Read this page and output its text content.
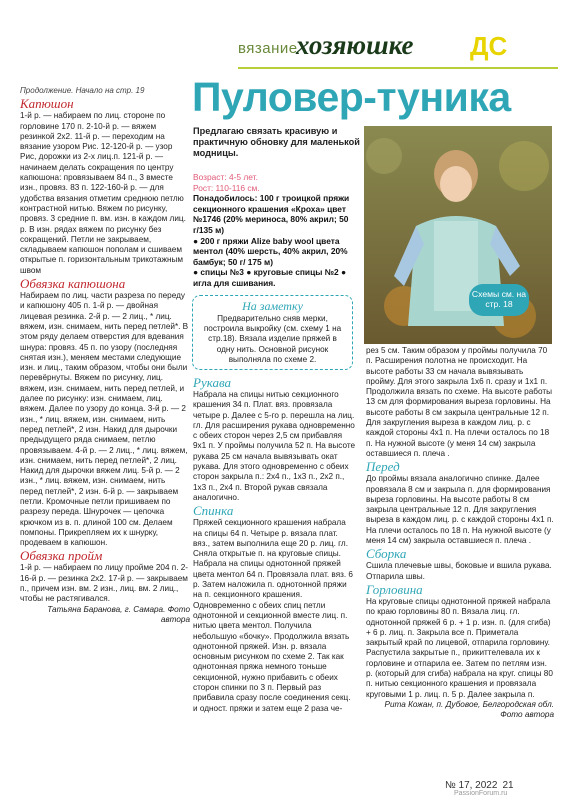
вязание
хозяюшке ДС

Продолжение. Начало на стр. 19

Капюшон

1-й р. — набираем по лиц. стороне по горловине 170 п. 2-10-й р. — вяжем резинкой 2х2. 11-й р. — переходим на вязание узором Рис. 12-120-й р. — узор Рис, дорожки из 2-х лиц.п. 121-й р. — начинаем делать сокращения по центру капюшона: провязываем 84 п., 3 вместе изн., провяз. 83 п. 122-160-й р. — для удобства вязания отметим среднюю петлю контрастной нитью. Вяжем по рисунку, провяз. 3 средние п. вм. изн. в каждом лиц. р. В изн. рядах вяжем по рисунку без сокращений. Петли не закрываем, складываем капюшон пополам и сшиваем открытые п. горизонтальным трикотажным швом

Обвязка капюшона

Набираем по лиц. части разреза по переду и капюшону 405 п. 1-й р. — двойная лицевая резинка. 2-й р. — 2 лиц., * лиц. вяжем, изн. снимаем, нить перед петлей*. В этом ряду делаем отверстия для вдевания шнура: провяз. 45 п. по узору (последняя снятая изн.), меняем местами следующие изн. и лиц., таким образом, чтобы они были перевёрнуты. Вяжем по рисунку, лиц. вяжем, изн. снимаем, нить перед петлей, и далее по рисунку: изн. снимаем, лиц. вяжем. Далее по узору до конца. 3-й р. — 2 изн., * лиц. вяжем, изн. снимаем, нить перед петлей*, 2 изн. Накид для дырочки предыдущего ряда снимаем, петлю провязываем. 4-й р. — 2 лиц., * лиц. вяжем, изн. снимаем, нить перед петлей*, 2 лиц. Накид для дырочки вяжем лиц. 5-й р. — 2 изн., * лиц. вяжем, изн. снимаем, нить перед петлей*, 2 изн. 6-й р. — закрываем петли. Кромочные петли пришиваем по разрезу переда. Шнурочек — цепочка крючком из в. п. длиной 100 см. Делаем помпоны. Прикрепляем их к шнурку, продеваем в капюшон.

Обвязка пройм

1-й р. — набираем по лицу пройме 204 п. 2-16-й р. — резинка 2х2. 17-й р. — закрываем п., причем изн. вм. 2 изн., лиц. вм. 2 лиц., чтобы не растягивался.

Татьяна Баранова, г. Самара. Фото автора

Пуловер-туника
Предлагаю связать красивую и практичную обновку для маленькой модницы.

Возраст: 4-5 лет.

Рост: 110-116 см.

Понадобилось: 100 г троицкой пряжи секционного крашения «Кроха» цвет №1746 (20% мериноса, 80% акрил; 50 г/135 м)

● 200 г пряжи Alize baby wool цвета ментол (40% шерсть, 40% акрил, 20% бамбук; 50 г/ 175 м)

● спицы №3 ● круговые спицы №2 ● игла для сшивания.

Схемы см. на стр. 18

На заметку

Предварительно сняв мерки, построила выкройку (см. схему 1 на стр.18). Вязала изделие пряжей в одну нить. Основной рисунок выполняла по схеме 2.

Рукава

Набрала на спицы нитью секционного крашения 34 п. Плат. вяз. провязала четыре р. Далее с 5-го р. перешла на лиц. гл. Для расширения рукава одновременно с обеих сторон через 2,5 см прибавляя 9х1 п. У проймы получила 52 п. На высоте рукава 25 см начала вывязывать окат рукава. Для этого одновременно с обеих сторон закрыла п.: 2х4 п., 1х3 п., 2х2 п., 1х3 п., 2х4 п. Второй рукав связала аналогично.

Спинка

Пряжей секционного крашения набрала на спицы 64 п. Четыре р. вязала плат. вяз., затем выполнила еще 20 р. лиц. гл. Сняла открытые п. на круговые спицы. Набрала на спицы однотонной пряжей цвета ментол 64 п. Провязала плат. вяз. 6 р. Затем наложила п. однотонной пряжи на п. секционного крашения. Одновременно с обеих спиц петли однотонной и секционной вместе лиц. п. нитью цвета ментол. Получила небольшую «бочку». Продолжила вязать однотонной пряжей. Изн. р. вязала основным рисунком по схеме 2. Так как однотонная пряжа немного тоньше секционной, нужно прибавить с обеих сторон спинки по 3 п. Первый раз прибавила сразу после соединения секц. и одност. пряжи и затем еще 2 раза че-

рез 5 см. Таким образом у проймы получила 70 п. Расширения полотна не происходит. На высоте работы 33 см начала вывязывать пройму. Для этого закрыла 1х6 п. сразу и 1х1 п. Продолжила вязать по схеме. На высоте работы 13 см для формирования выреза горловины. На высоте работы 8 см закрыла центральные 12 п. Для закругления выреза в каждом лиц. р. с каждой стороны 4х1 п. На плечи осталось по 18 п. На нужной высоте (у меня 14 см) закрыла оставшиеся п. плеча .

Перед

До проймы вязала аналогично спинке. Далее провязала 8 см и закрыла п. для формирования выреза горловины. На высоте работы 8 см закрыла центральные 12 п. Для закругления выреза в каждом лиц. р. с каждой стороны 4х1 п. На плечи осталось по 18 п. На нужной высоте (у меня 14 см) закрыла оставшиеся п. плеча .

Сборка

Сшила плечевые швы, боковые и вшила рукава. Отпарила швы.

Горловина

На круговые спицы однотонной пряжей набрала по краю горловины 80 п. Вязала лиц. гл. однотонной пряжей 6 р. + 1 р. изн. п. (для сгиба) + 6 р. лиц. п. Закрыла все п. Приметала закрытый край по лицевой, отпарила горловину. Распустила закрытые п., прикиттелевала их к горловине и отпарила ее. Затем по петлям изн. р. (который для сгиба) набрала на круг. спицы 80 п. нитью секционного крашения и провязала круговыми 1 р. лиц. п. 5 р. Далее закрыла п.

Рита Кожан, п. Дубовое, Белгородская обл. Фото автора

№ 17, 2022 21
PassionForum.ru
